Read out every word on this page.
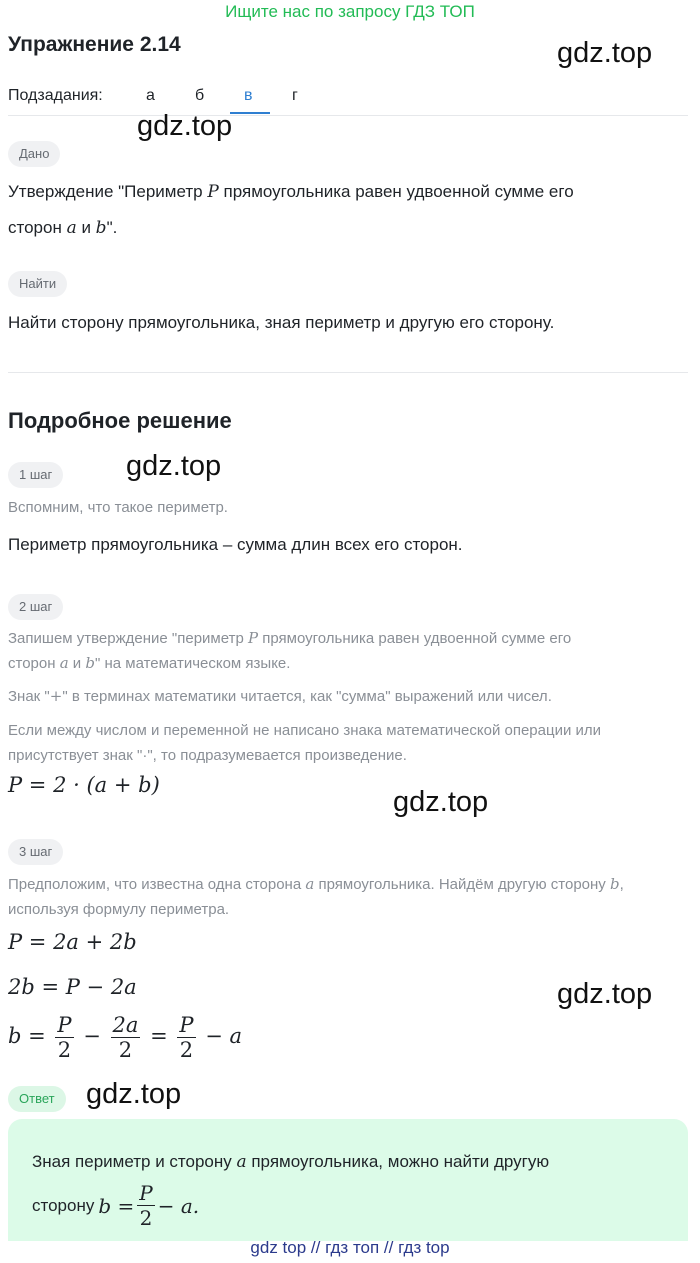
Ищите нас по запросу ГДЗ ТОП
Упражнение 2.14	gdz.top
Подзадания:	а	б в г
gdz.top
Дано
Утверждение "Периметр P прямоугольника равен удвоенной сумме его
сторон a и b".
Найти
Найти сторону прямоугольника, зная периметр и другую его сторону.
Подробное решение
1 шаг	gdz.top
Вспомним, что такое периметр.
Периметр прямоугольника – сумма длин всех его сторон.
2 шаг
Запишем утверждение "периметр P прямоугольника равен удвоенной сумме его
сторон a и b" на математическом языке.
Знак "+" в терминах математики читается, как "сумма" выражений или чисел.
Если между числом и переменной не написано знака математической операции или
присутствует знак "·", то подразумевается произведение.
P = 2 · (a + b)
gdz.top
3 шаг
Предположим, что известна одна сторона a прямоугольника. Найдём другую сторону b,
используя формулу периметра.
P = 2a + 2b
2b = P − 2a	gdz.top
$b = \frac{P}{2} - \frac{2a}{2} = \frac{P}{2} - a$
Ответ	gdz.top
Зная периметр и сторону a прямоугольника, можно найти другую
сторону $b = \frac{P}{2} - a$.
gdz top // гдз топ // гдз top
